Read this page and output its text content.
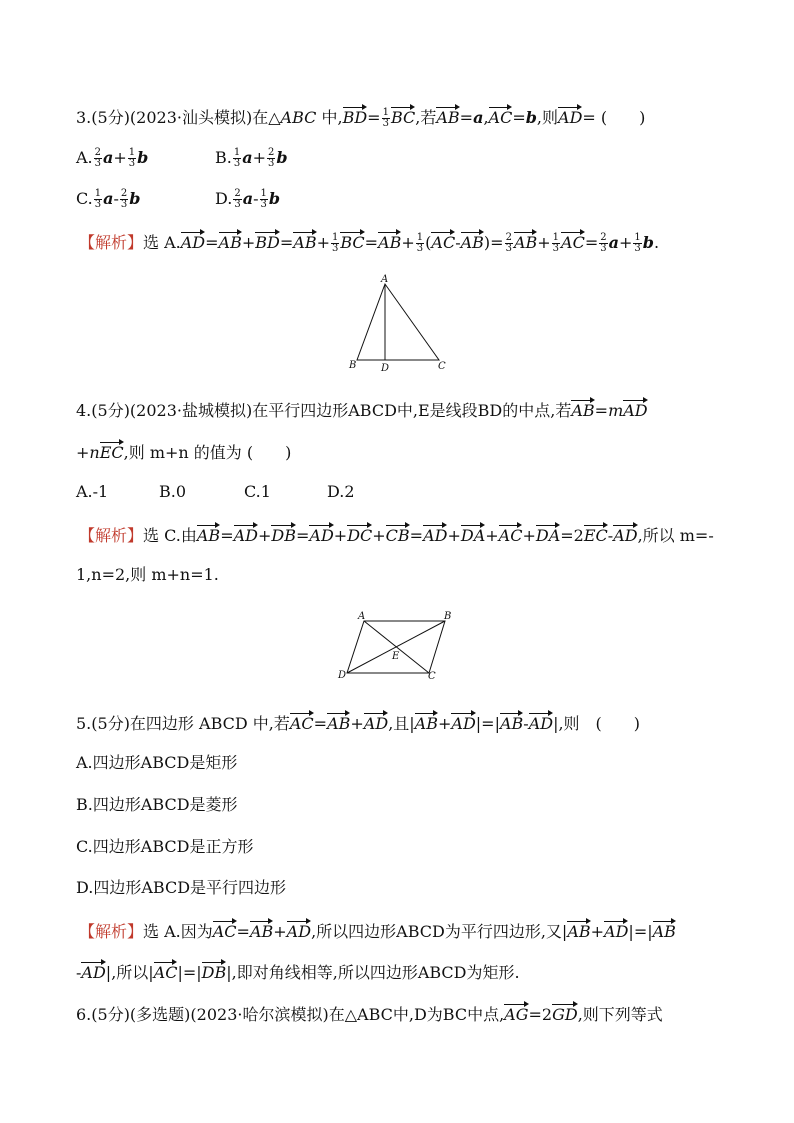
3.(5分)(2023·汕头模拟)在△ABC 中$,BD= \frac{1}{3}$ BC,若AB=a,AC=b,则AD= (　　)
A. $\frac{2}{3} a+ \frac{1}{3}$ b	B. $\frac{1}{3} a+ \frac{2}{3}$ b
C. $\frac{1}{3} a- \frac{2}{3}$ b	D. $\frac{2}{3} a- \frac{1}{3}$ b
【解析】选 $A.AD=AB+BD=AB+ \frac{1}{3} BC=AB+ \frac{1}{3} (AC-AB)= \frac{2}{3} AB+ \frac{1}{3} AC= \frac{2}{3} a+ \frac{1}{3} b$.
A
B D	C
4.(5分)(2023·盐城模拟)在平行四边形ABCD中,E是线段BD的中点,若AB=mAD
+nEC,则 m+n 的值为 (　　)
A.-1	B.0	C.1	D.2
【解析】选 C.由AB=AD+DB=AD+DC+CB=AD+DA+AC+DA=2EC-AD,所以 m=-
1,n=2,则 m+n=1.
A	B
E
D	C
5.(5分)在四边形 ABCD 中,若AC=AB+AD,且|AB+AD|=|AB-AD|,则　(　　)
A.四边形ABCD是矩形
B.四边形ABCD是菱形
C.四边形ABCD是正方形
D.四边形ABCD是平行四边形
【解析】选 A.因为AC=AB+AD,所以四边形ABCD为平行四边形,又|AB+AD|=|AB
-AD|,所以|AC|=|DB|,即对角线相等,所以四边形ABCD为矩形.
6.(5分)(多选题)(2023·哈尔滨模拟)在△ABC中,D为BC中点,AG=2GD,则下列等式
